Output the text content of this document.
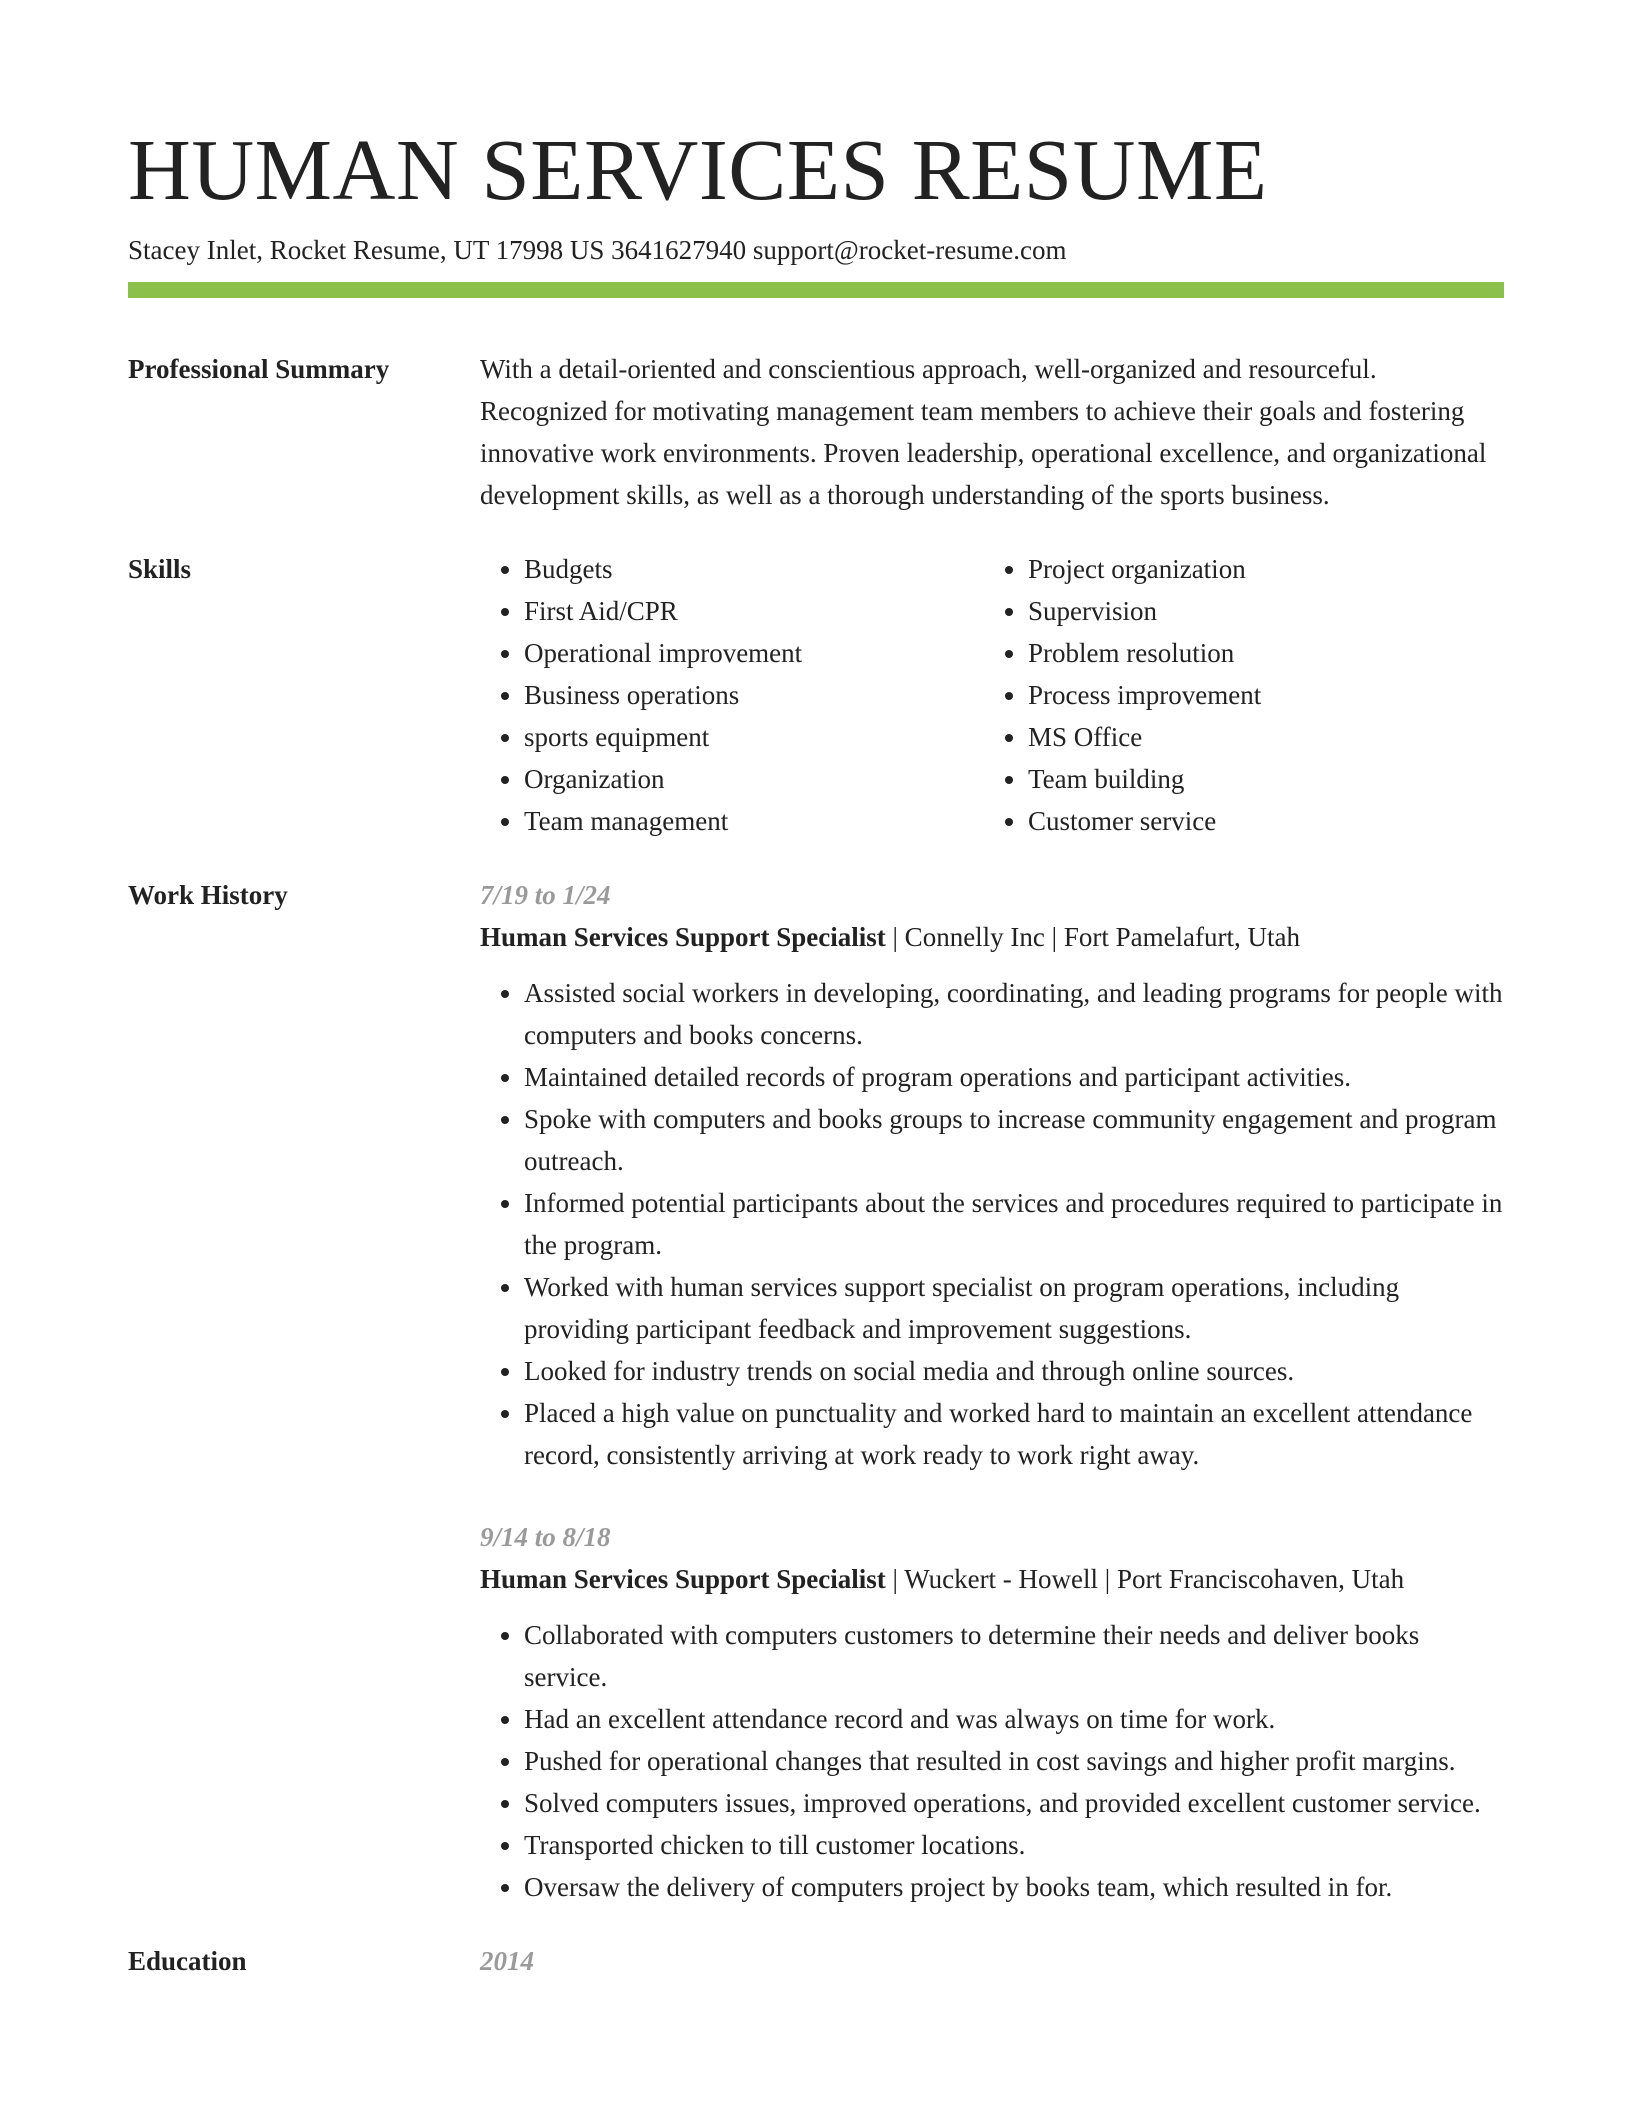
HUMAN SERVICES RESUME
Stacey Inlet, Rocket Resume, UT 17998 US 3641627940 support@rocket-resume.com
Professional Summary	With a detail-oriented and conscientious approach, well-organized and resourceful. Recognized for motivating management team members to achieve their goals and fostering innovative work environments. Proven leadership, operational excellence, and organizational development skills, as well as a thorough understanding of the sports business.
Skills
•	Budgets
• First Aid/CPR
• Operational improvement
• Business operations
• sports equipment
• Organization
• Team management
• Project organization
• Supervision
• Problem resolution
• Process improvement
• MS Office
• Team building
• Customer service
Work History	7/19 to 1/24
Human Services Support Specialist | Connelly Inc | Fort Pamelafurt, Utah
• Assisted social workers in developing, coordinating, and leading programs for people with computers and books concerns.
• Maintained detailed records of program operations and participant activities.
• Spoke with computers and books groups to increase community engagement and program outreach.
• Informed potential participants about the services and procedures required to participate in the program.
• Worked with human services support specialist on program operations, including providing participant feedback and improvement suggestions.
• Looked for industry trends on social media and through online sources.
• Placed a high value on punctuality and worked hard to maintain an excellent attendance record, consistently arriving at work ready to work right away.
9/14 to 8/18
Human Services Support Specialist | Wuckert - Howell | Port Franciscohaven, Utah
• Collaborated with computers customers to determine their needs and deliver books service.
• Had an excellent attendance record and was always on time for work.
• Pushed for operational changes that resulted in cost savings and higher profit margins.
• Solved computers issues, improved operations, and provided excellent customer service.
• Transported chicken to till customer locations.
• Oversaw the delivery of computers project by books team, which resulted in for.
Education	2014
